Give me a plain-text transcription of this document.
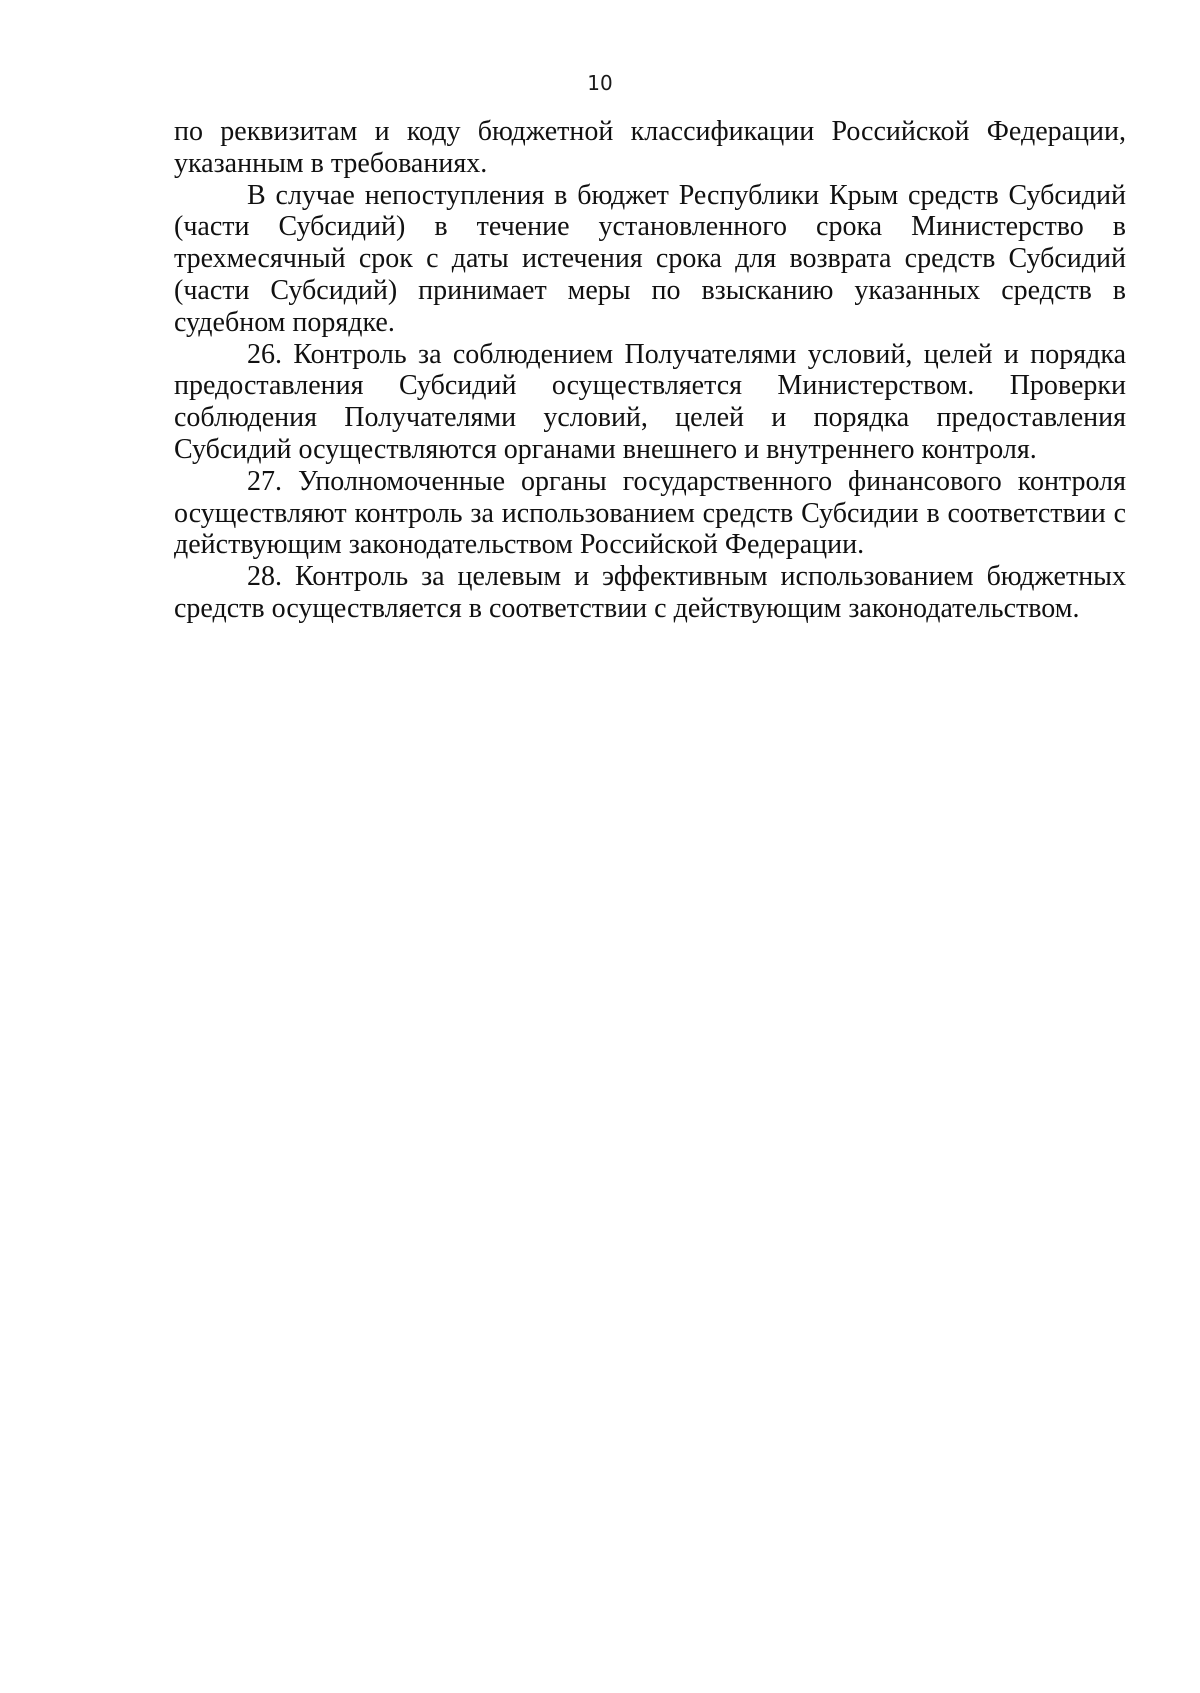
10

по реквизитам и коду бюджетной классификации Российской Федерации, указанным в требованиях.

В случае непоступления в бюджет Республики Крым средств Субсидий (части Субсидий) в течение установленного срока Министерство в трехмесячный срок с даты истечения срока для возврата средств Субсидий (части Субсидий) принимает меры по взысканию указанных средств в судебном порядке.

26. Контроль за соблюдением Получателями условий, целей и порядка предоставления Субсидий осуществляется Министерством. Проверки соблюдения Получателями условий, целей и порядка предоставления Субсидий осуществляются органами внешнего и внутреннего контроля.

27. Уполномоченные органы государственного финансового контроля осуществляют контроль за использованием средств Субсидии в соответствии с действующим законодательством Российской Федерации.

28. Контроль за целевым и эффективным использованием бюджетных средств осуществляется в соответствии с действующим законодательством.
